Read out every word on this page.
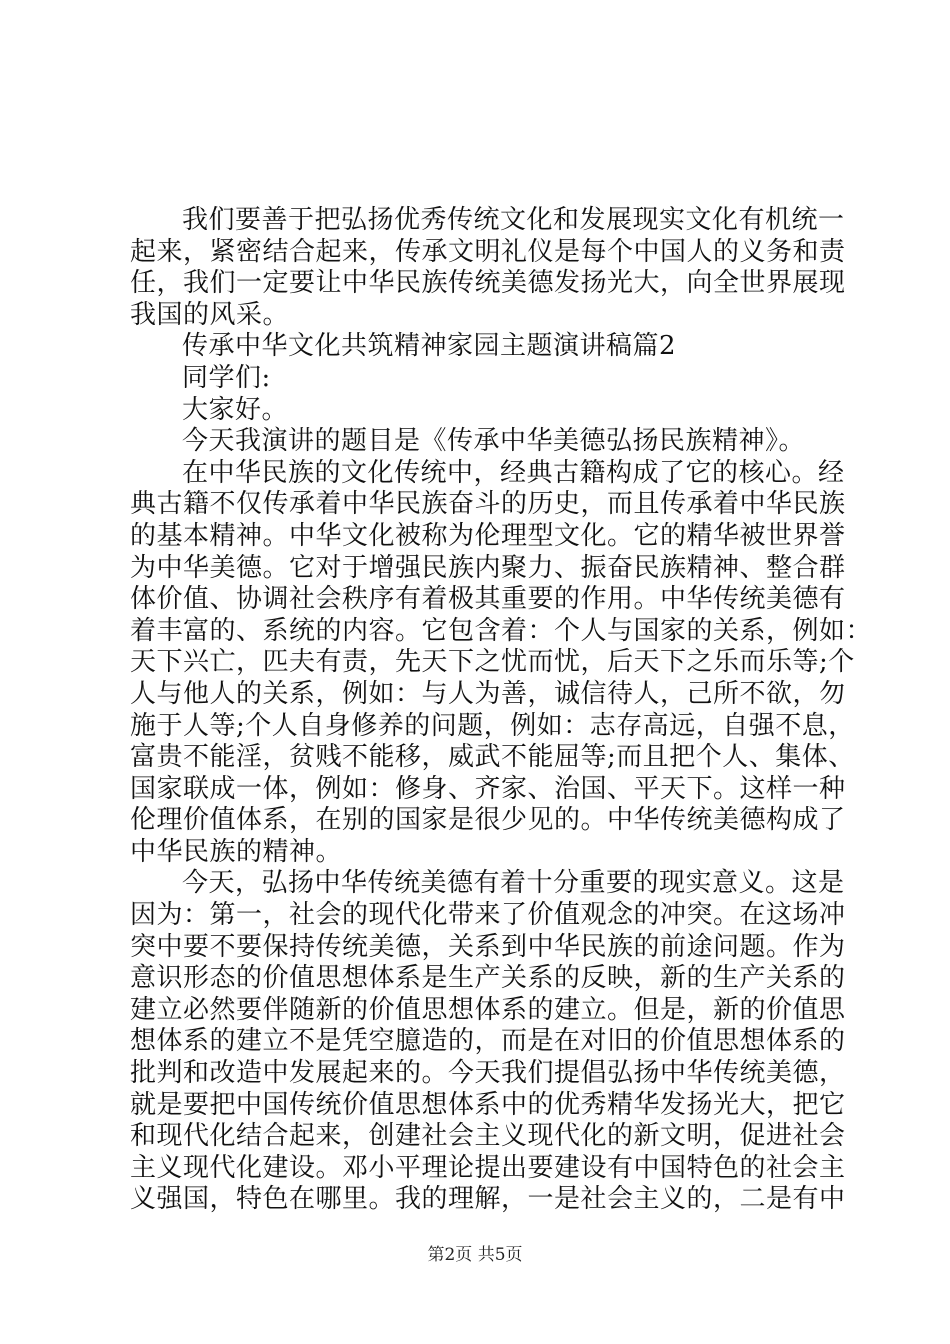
我们要善于把弘扬优秀传统文化和发展现实文化有机统一
起来，紧密结合起来，传承文明礼仪是每个中国人的义务和责
任，我们一定要让中华民族传统美德发扬光大，向全世界展现
我国的风采。

传承中华文化共筑精神家园主题演讲稿篇2

同学们:

大家好。

今天我演讲的题目是《传承中华美德弘扬民族精神》。

在中华民族的文化传统中，经典古籍构成了它的核心。经
典古籍不仅传承着中华民族奋斗的历史，而且传承着中华民族
的基本精神。中华文化被称为伦理型文化。它的精华被世界誉
为中华美德。它对于增强民族内聚力、振奋民族精神、整合群
体价值、协调社会秩序有着极其重要的作用。中华传统美德有
着丰富的、系统的内容。它包含着：个人与国家的关系，例如：
天下兴亡，匹夫有责，先天下之忧而忧，后天下之乐而乐等;个
人与他人的关系，例如：与人为善，诚信待人，己所不欲，勿
施于人等;个人自身修养的问题，例如：志存高远，自强不息，
富贵不能淫，贫贱不能移，威武不能屈等;而且把个人、集体、
国家联成一体，例如：修身、齐家、治国、平天下。这样一种
伦理价值体系，在别的国家是很少见的。中华传统美德构成了
中华民族的精神。
今天，弘扬中华传统美德有着十分重要的现实意义。这是
因为：第一，社会的现代化带来了价值观念的冲突。在这场冲
突中要不要保持传统美德，关系到中华民族的前途问题。作为
意识形态的价值思想体系是生产关系的反映，新的生产关系的
建立必然要伴随新的价值思想体系的建立。但是，新的价值思
想体系的建立不是凭空臆造的，而是在对旧的价值思想体系的
批判和改造中发展起来的。今天我们提倡弘扬中华传统美德，
就是要把中国传统价值思想体系中的优秀精华发扬光大，把它
和现代化结合起来，创建社会主义现代化的新文明，促进社会
主义现代化建设。邓小平理论提出要建设有中国特色的社会主
义强国，特色在哪里。我的理解，一是社会主义的，二是有中
第2页 共5页
